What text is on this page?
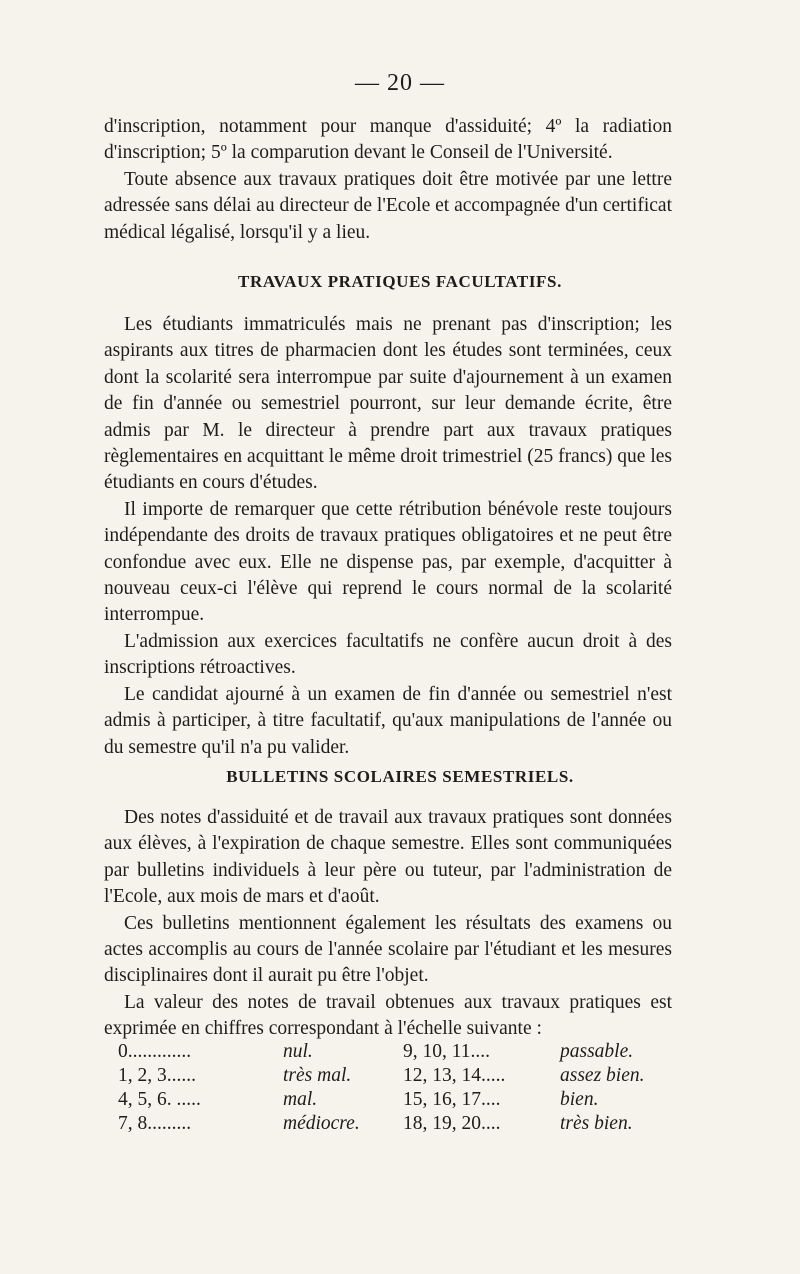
— 20 —

d'inscription, notamment pour manque d'assiduité; 4º la radiation d'inscription; 5º la comparution devant le Conseil de l'Université.

Toute absence aux travaux pratiques doit être motivée par une lettre adressée sans délai au directeur de l'Ecole et accompagnée d'un certificat médical légalisé, lorsqu'il y a lieu.

TRAVAUX PRATIQUES FACULTATIFS.

Les étudiants immatriculés mais ne prenant pas d'inscription; les aspirants aux titres de pharmacien dont les études sont terminées, ceux dont la scolarité sera interrompue par suite d'ajournement à un examen de fin d'année ou semestriel pourront, sur leur demande écrite, être admis par M. le directeur à prendre part aux travaux pratiques règlementaires en acquittant le même droit trimestriel (25 francs) que les étudiants en cours d'études.

Il importe de remarquer que cette rétribution bénévole reste toujours indépendante des droits de travaux pratiques obligatoires et ne peut être confondue avec eux. Elle ne dispense pas, par exemple, d'acquitter à nouveau ceux-ci l'élève qui reprend le cours normal de la scolarité interrompue.

L'admission aux exercices facultatifs ne confère aucun droit à des inscriptions rétroactives.

Le candidat ajourné à un examen de fin d'année ou semestriel n'est admis à participer, à titre facultatif, qu'aux manipulations de l'année ou du semestre qu'il n'a pu valider.

BULLETINS SCOLAIRES SEMESTRIELS.

Des notes d'assiduité et de travail aux travaux pratiques sont données aux élèves, à l'expiration de chaque semestre. Elles sont communiquées par bulletins individuels à leur père ou tuteur, par l'administration de l'Ecole, aux mois de mars et d'août.

Ces bulletins mentionnent également les résultats des examens ou actes accomplis au cours de l'année scolaire par l'étudiant et les mesures disciplinaires dont il aurait pu être l'objet.

La valeur des notes de travail obtenues aux travaux pratiques est exprimée en chiffres correspondant à l'échelle suivante :

0.............	nul.	9, 10, 11....	passable.
1, 2, 3......	très mal.	12, 13, 14.....	assez bien.
4, 5, 6. .....	mal.	15, 16, 17....	bien.
7, 8.........	médiocre. 18, 19, 20....	très bien.
